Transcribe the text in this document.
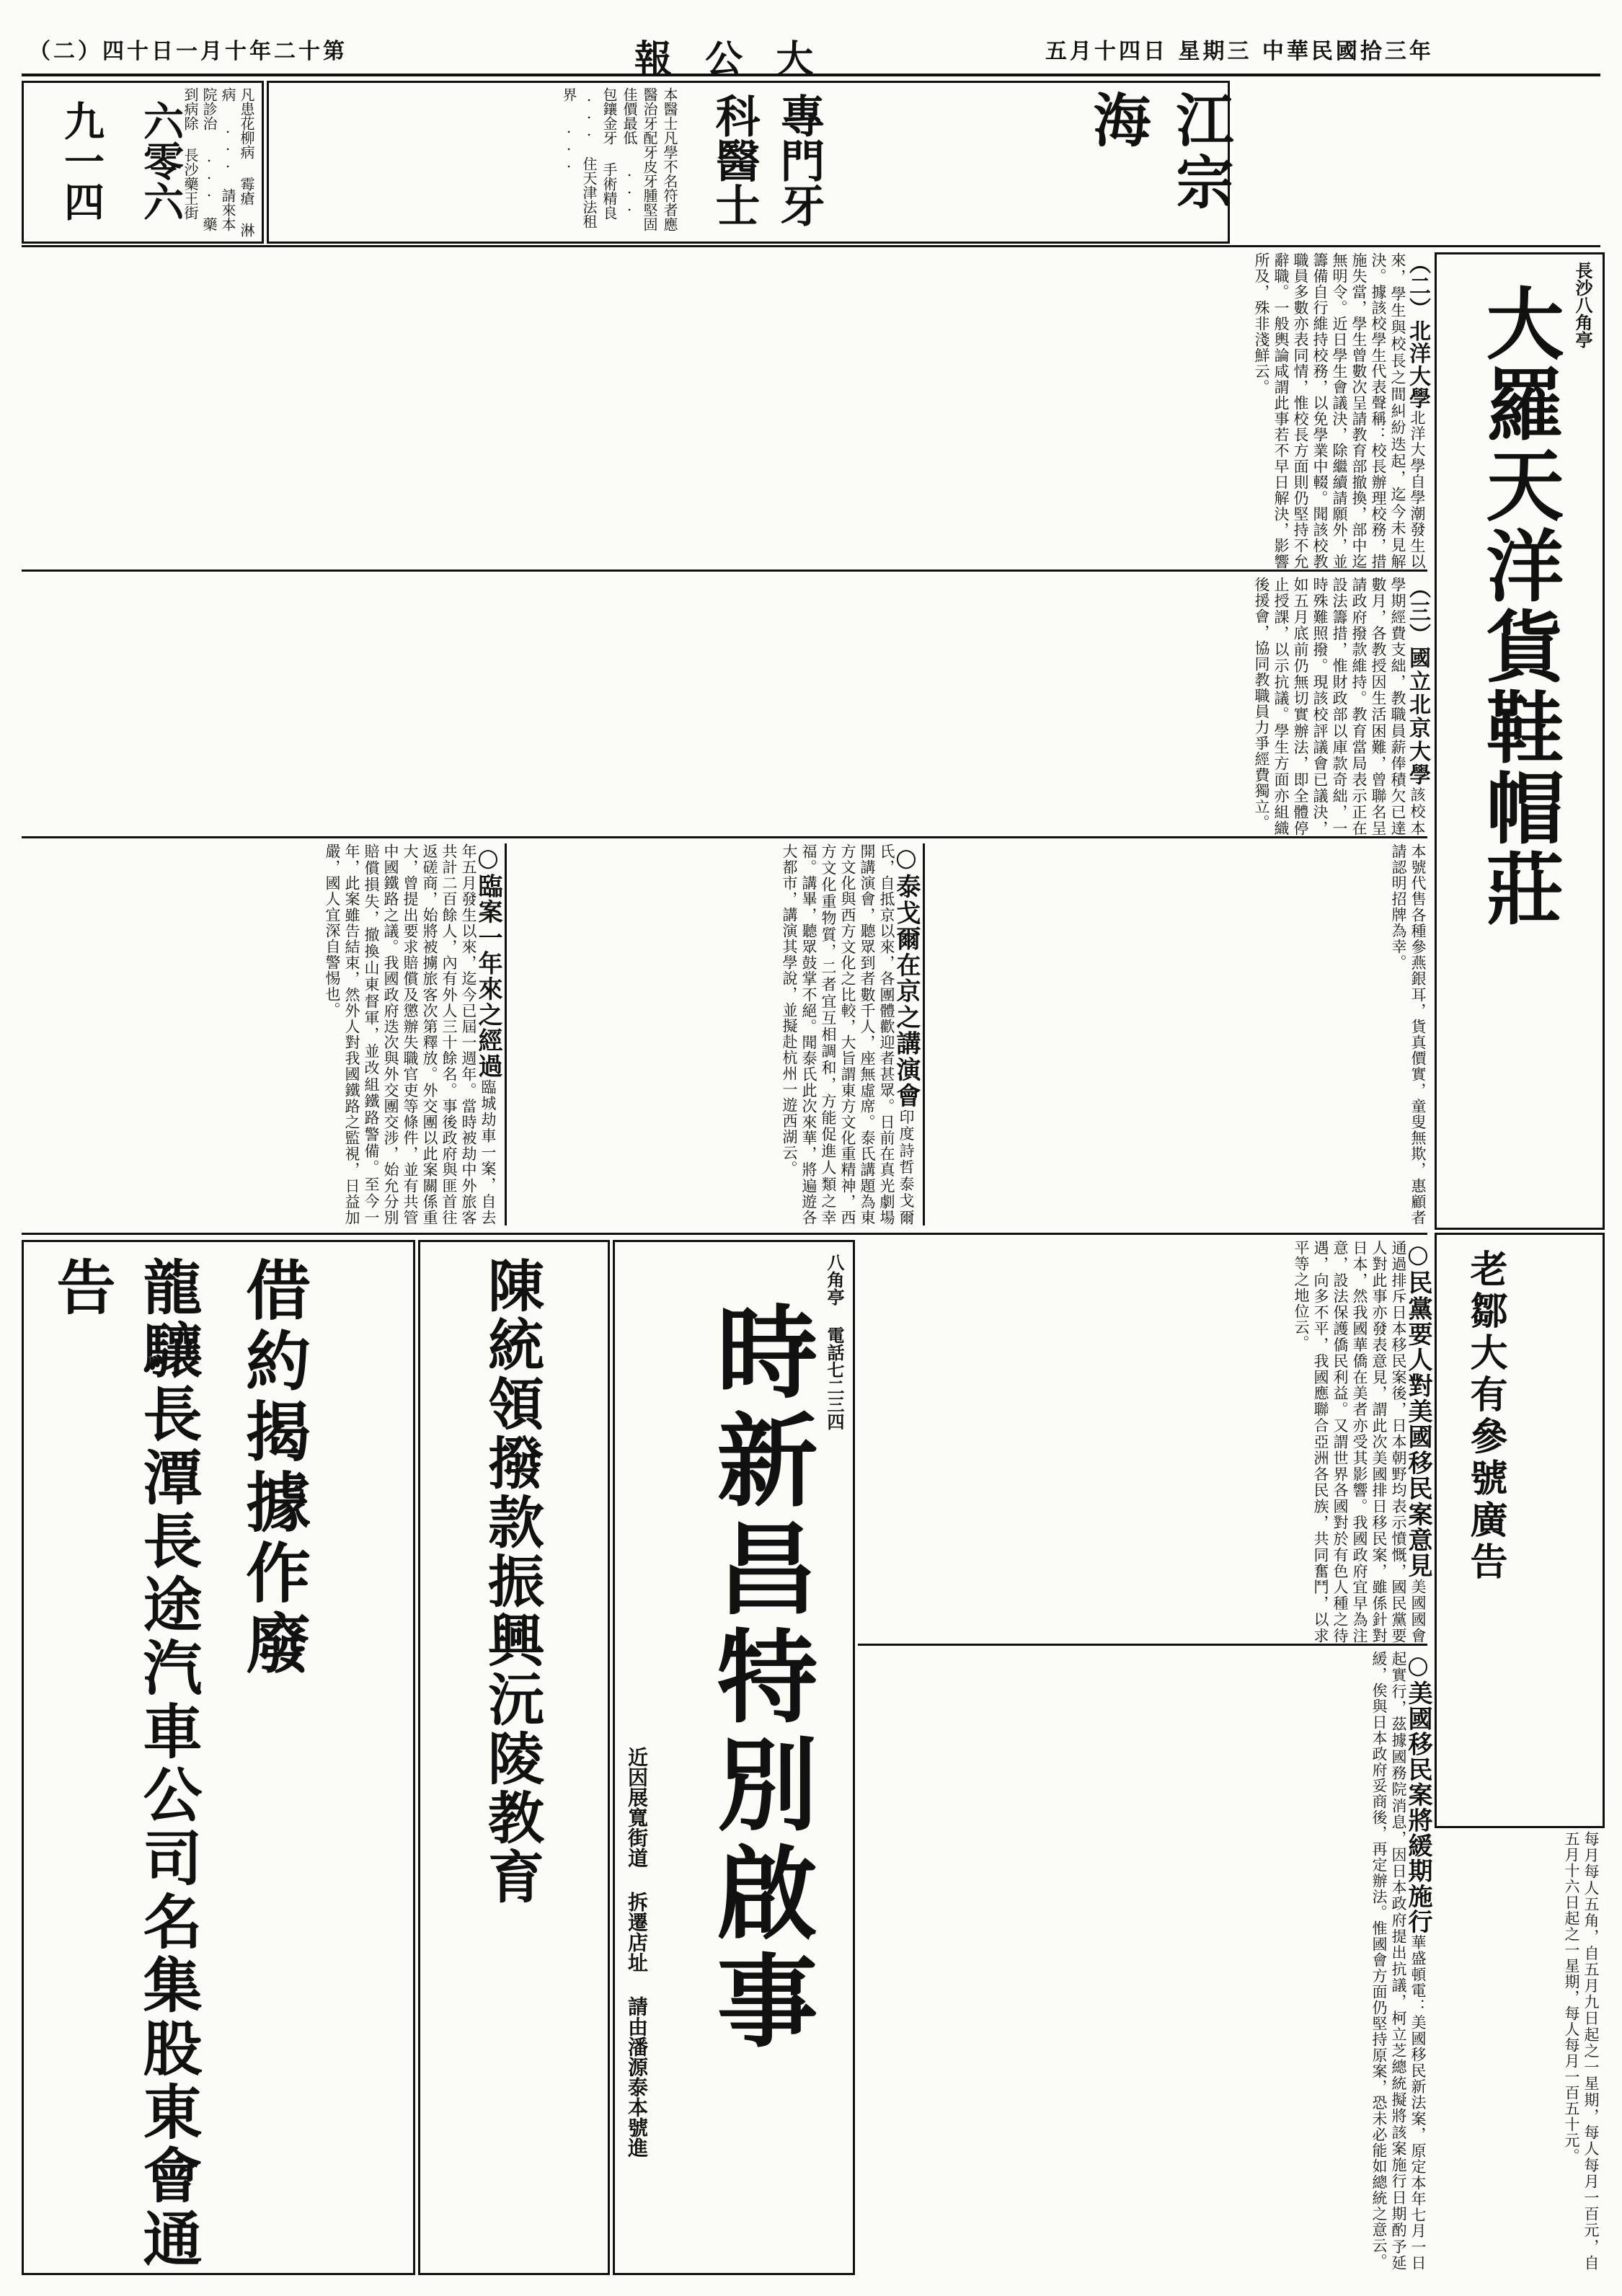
（二）四十日一月十年二十第	報 公 大	五月十四日 星期三 中華民國拾三年
凡患花柳病 霉瘡 淋病 ... 請來本院診治 ... 藥到病除 長沙藥王街
六零六
九一四	本醫士凡學不名符者應醫治牙配牙皮牙腫堅固佳價最低 ... 包鑲金牙 手術精良 ... 住天津法租界 ...	專門牙科醫士	江宗海
長沙八角亭
大羅天洋貨鞋帽莊
老鄒大有參號廣告
（二）北洋大學北洋大學自學潮發生以來，學生與校長之間糾紛迭起，迄今未見解決。據該校學生代表聲稱：校長辦理校務，措施失當，學生曾數次呈請教育部撤換，部中迄無明令。近日學生會議決，除繼續請願外，並籌備自行維持校務，以免學業中輟。聞該校教職員多數亦表同情，惟校長方面則仍堅持不允辭職。一般輿論咸謂此事若不早日解決，影響所及，殊非淺鮮云。
（三）國立北京大學該校本學期經費支絀，教職員薪俸積欠已達數月，各教授因生活困難，曾聯名呈請政府撥款維持。教育當局表示正在設法籌措，惟財政部以庫款奇絀，一時殊難照撥。現該校評議會已議決，如五月底前仍無切實辦法，即全體停止授課，以示抗議。學生方面亦組織後援會，協同教職員力爭經費獨立。
○臨案一年來之經過臨城劫車一案，自去年五月發生以來，迄今已屆一週年。當時被劫中外旅客共計二百餘人，內有外人三十餘名。事後政府與匪首往返磋商，始將被擄旅客次第釋放。外交團以此案關係重大，曾提出要求賠償及懲辦失職官吏等條件，並有共管中國鐵路之議。我國政府迭次與外交團交涉，始允分別賠償損失，撤換山東督軍，並改組鐵路警備。至今一年，此案雖告結束，然外人對我國鐵路之監視，日益加嚴，國人宜深自警惕也。	○泰戈爾在京之講演會印度詩哲泰戈爾氏，自抵京以來，各團體歡迎者甚眾。日前在真光劇場開講演會，聽眾到者數千人，座無虛席。泰氏講題為東方文化與西方文化之比較，大旨謂東方文化重精神，西方文化重物質，二者宜互相調和，方能促進人類之幸福。講畢，聽眾鼓掌不絕。聞泰氏此次來華，將遍遊各大都市，講演其學說，並擬赴杭州一遊西湖云。	本號代售各種參燕銀耳，貨真價實，童叟無欺，惠顧者請認明招牌為幸。
龍驤長潭長途汽車公司名集股東會通告	借約揭據作廢	陳統領撥款振興沅陵教育	八角亭 電話七二三四
時新昌特別啟事
近因展寬街道 拆遷店址 請由潘源泰本號進
○民黨要人對美國移民案意見美國國會通過排斥日本移民案後，日本朝野均表示憤慨，國民黨要人對此事亦發表意見，謂此次美國排日移民案，雖係針對日本，然我國華僑在美者亦受其影響。我國政府宜早為注意，設法保護僑民利益。又謂世界各國對於有色人種之待遇，向多不平，我國應聯合亞洲各民族，共同奮鬥，以求平等之地位云。
○美國移民案將緩期施行華盛頓電：美國移民新法案，原定本年七月一日起實行，茲據國務院消息，因日本政府提出抗議，柯立芝總統擬將該案施行日期酌予延緩，俟與日本政府妥商後，再定辦法。惟國會方面仍堅持原案，恐未必能如總統之意云。	每月每人五角，自五月九日起之一星期，每人每月一百元，自五月十六日起之一星期，每人每月一百五十元。
